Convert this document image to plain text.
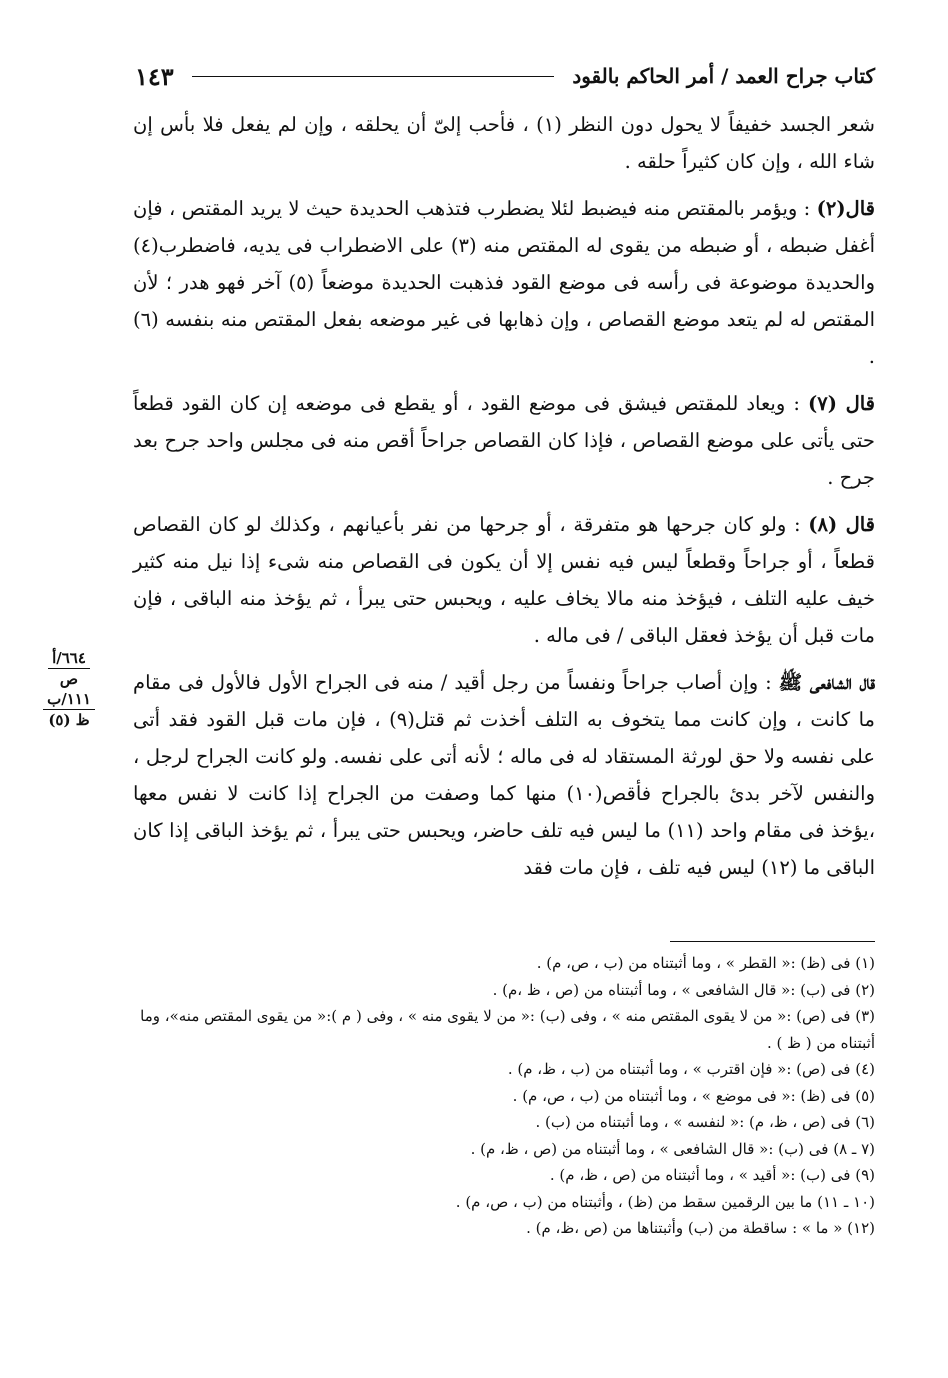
كتاب جراح العمد / أمر الحاكم بالقود
١٤٣

شعر الجسد خفيفاً لا يحول دون النظر (١) ، فأحب إلىّ أن يحلقه ، وإن لم يفعل فلا بأس إن شاء الله ، وإن كان كثيراً حلقه .

قال(٢) : ويؤمر بالمقتص منه فيضبط لئلا يضطرب فتذهب الحديدة حيث لا يريد المقتص ، فإن أغفل ضبطه ، أو ضبطه من يقوى له المقتص منه (٣) على الاضطراب فى يديه، فاضطرب(٤) والحديدة موضوعة فى رأسه فى موضع القود فذهبت الحديدة موضعاً (٥) آخر فهو هدر ؛ لأن المقتص له لم يتعد موضع القصاص ، وإن ذهابها فى غير موضعه بفعل المقتص منه بنفسه (٦) .

قال (٧) : ويعاد للمقتص فيشق فى موضع القود ، أو يقطع فى موضعه إن كان القود قطعاً حتى يأتى على موضع القصاص ، فإذا كان القصاص جراحاً أقص منه فى مجلس واحد جرح بعد جرح .

قال (٨) : ولو كان جرحها هو متفرقة ، أو جرحها من نفر بأعيانهم ، وكذلك لو كان القصاص قطعاً ، أو جراحاً وقطعاً ليس فيه نفس إلا أن يكون فى القصاص منه شىء إذا نيل منه كثير خيف عليه التلف ، فيؤخذ منه مالا يخاف عليه ، ويحبس حتى يبرأ ، ثم يؤخذ منه الباقى ، فإن مات قبل أن يؤخذ فعقل الباقى / فى ماله .

قال الشافعى ﷺ : وإن أصاب جراحاً ونفساً من رجل أقيد / منه فى الجراح الأول فالأول فى مقام ما كانت ، وإن كانت مما يتخوف به التلف أخذت ثم قتل(٩) ، فإن مات قبل القود فقد أتى على نفسه ولا حق لورثة المستقاد له فى ماله ؛ لأنه أتى على نفسه. ولو كانت الجراح لرجل ، والنفس لآخر بدئ بالجراح فأقص(١٠) منها كما وصفت من الجراح إذا كانت لا نفس معها ،يؤخذ فى مقام واحد (١١) ما ليس فيه تلف حاضر، ويحبس حتى يبرأ ، ثم يؤخذ الباقى إذا كان الباقى ما (١٢) ليس فيه تلف ، فإن مات فقد

٦٦٤/أ
ص
١١١/ب
ظ (٥)

(١) فى (ظ) :« القطر » ، وما أثبتناه من (ب ، ص، م) .

(٢) فى (ب) :« قال الشافعى » ، وما أثبتناه من (ص ، ظ ،م) .

(٣) فى (ص) :« من لا يقوى المقتص منه » ، وفى (ب) :« من لا يقوى منه » ، وفى ( م ):« من يقوى المقتص منه»، وما أثبتناه من ( ظ ) .

(٤) فى (ص) :« فإن اقترب » ، وما أثبتناه من (ب ، ظ، م) .

(٥) فى (ظ) :« فى موضع » ، وما أثبتناه من (ب ، ص، م) .

(٦) فى (ص ، ظ، م) :« لنفسه » ، وما أثبتناه من (ب) .

(٧ ـ ٨) فى (ب) :« قال الشافعى » ، وما أثبتناه من (ص ، ظ، م) .

(٩) فى (ب) :« أقيد » ، وما أثبتناه من (ص ، ظ، م) .

(١٠ ـ ١١) ما بين الرقمين سقط من (ظ) ، وأثبتناه من (ب ، ص، م) .

(١٢) « ما » : ساقطة من (ب) وأثبتناها من (ص ،ظ، م) .
